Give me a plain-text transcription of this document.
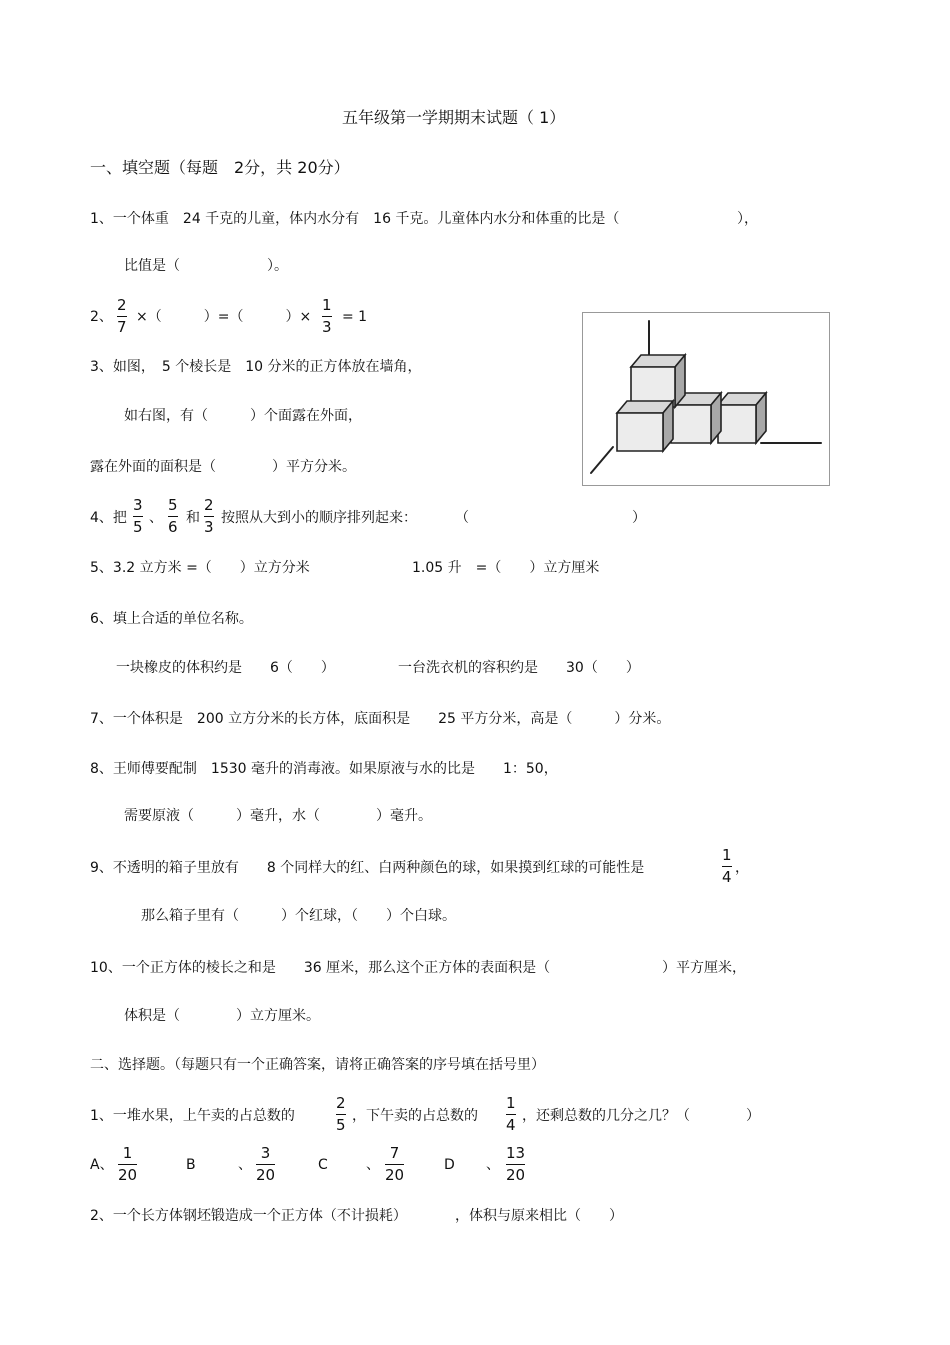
五年级第一学期期末试题（ 1）
一、填空题（每题　2分，共 20分）
1、一个体重　24 千克的儿童，体内水分有　16 千克。儿童体内水分和体重的比是（	），
比值是（	）。
2、
2
7
×（　　　）=（　　　）×
1
3
= 1
3、如图，　5 个棱长是　10 分米的正方体放在墙角，
如右图，有（　　　）个面露在外面，
露在外面的面积是（　　　　）平方分米。
4、把
3
5 、
5
6 和
2
3 按照从大到小的顺序排列起来：	（	）
5、3.2 立方米 =（　　）立方分米	1.05 升　=（　　）立方厘米
6、填上合适的单位名称。
一块橡皮的体积约是　　6（　　）	一台洗衣机的容积约是　　30（　　）
7、一个体积是　200 立方分米的长方体，底面积是　　25 平方分米，高是（　　　）分米。
8、王师傅要配制　1530 毫升的消毒液。如果原液与水的比是　　1：50，
需要原液（　　　）毫升，水（　　　　）毫升。
9、不透明的箱子里放有　　8 个同样大的红、白两种颜色的球，如果摸到红球的可能性是
1
4 ，
那么箱子里有（　　　）个红球，（　　）个白球。
10、一个正方体的棱长之和是　　36 厘米，那么这个正方体的表面积是（	）平方厘米，
体积是（　　　　）立方厘米。
二、选择题。（每题只有一个正确答案，请将正确答案的序号填在括号里）
1、一堆水果，上午卖的占总数的
2
5 ，下午卖的占总数的
1
4 ，还剩总数的几分之几？（　　　　）
A、
1
20
B	、
3
20
C	、
7
20
D 、
13
20
2、一个长方体钢坯锻造成一个正方体（不计损耗）	，体积与原来相比（　　）
